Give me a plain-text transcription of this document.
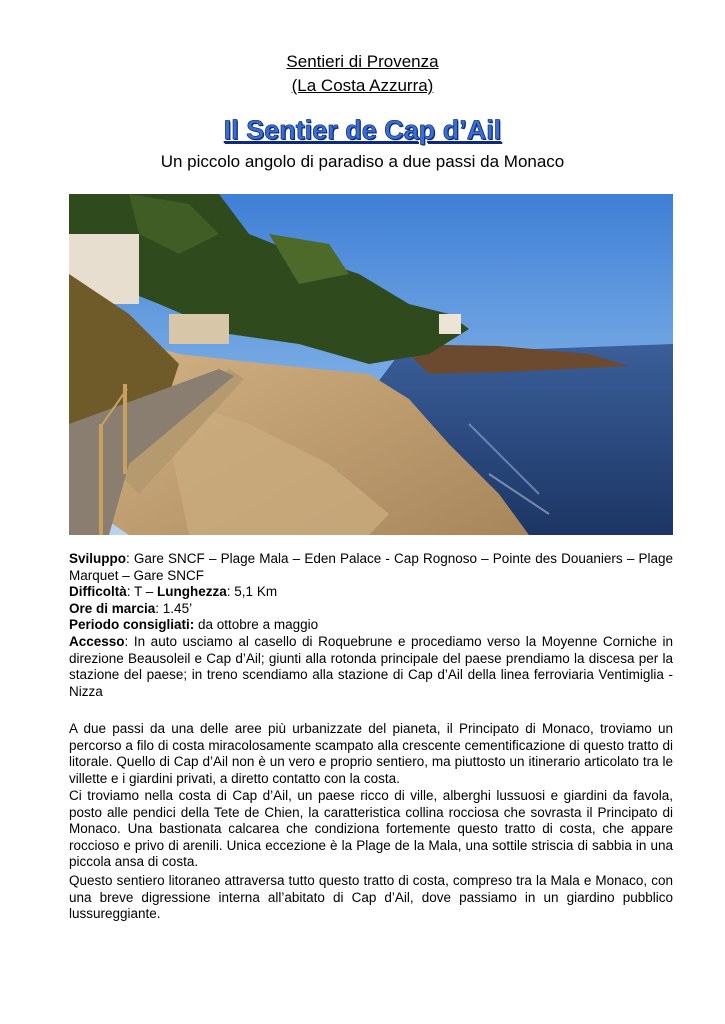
Sentieri di Provenza
(La Costa Azzurra)
Il Sentier de Cap d’Ail
Un piccolo angolo di paradiso a due passi da Monaco
Sviluppo: Gare SNCF – Plage Mala – Eden Palace - Cap Rognoso – Pointe des Douaniers – Plage Marquet – Gare SNCF
Difficoltà: T – Lunghezza: 5,1 Km
Ore di marcia: 1.45’
Periodo consigliati: da ottobre a maggio
Accesso: In auto usciamo al casello di Roquebrune e procediamo verso la Moyenne Corniche in direzione Beausoleil e Cap d’Ail; giunti alla rotonda principale del paese prendiamo la discesa per la stazione del paese; in treno scendiamo alla stazione di Cap d’Ail della linea ferroviaria Ventimiglia - Nizza
A due passi da una delle aree più urbanizzate del pianeta, il Principato di Monaco, troviamo un percorso a filo di costa miracolosamente scampato alla crescente cementificazione di questo tratto di litorale. Quello di Cap d’Ail non è un vero e proprio sentiero, ma piuttosto un itinerario articolato tra le villette e i giardini privati, a diretto contatto con la costa.
Ci troviamo nella costa di Cap d’Ail, un paese ricco di ville, alberghi lussuosi e giardini da favola, posto alle pendici della Tete de Chien, la caratteristica collina rocciosa che sovrasta il Principato di Monaco. Una bastionata calcarea che condiziona fortemente questo tratto di costa, che appare roccioso e privo di arenili. Unica eccezione è la Plage de la Mala, una sottile striscia di sabbia in una piccola ansa di costa.
Questo sentiero litoraneo attraversa tutto questo tratto di costa, compreso tra la Mala e Monaco, con una breve digressione interna all’abitato di Cap d’Ail, dove passiamo in un giardino pubblico lussureggiante.
